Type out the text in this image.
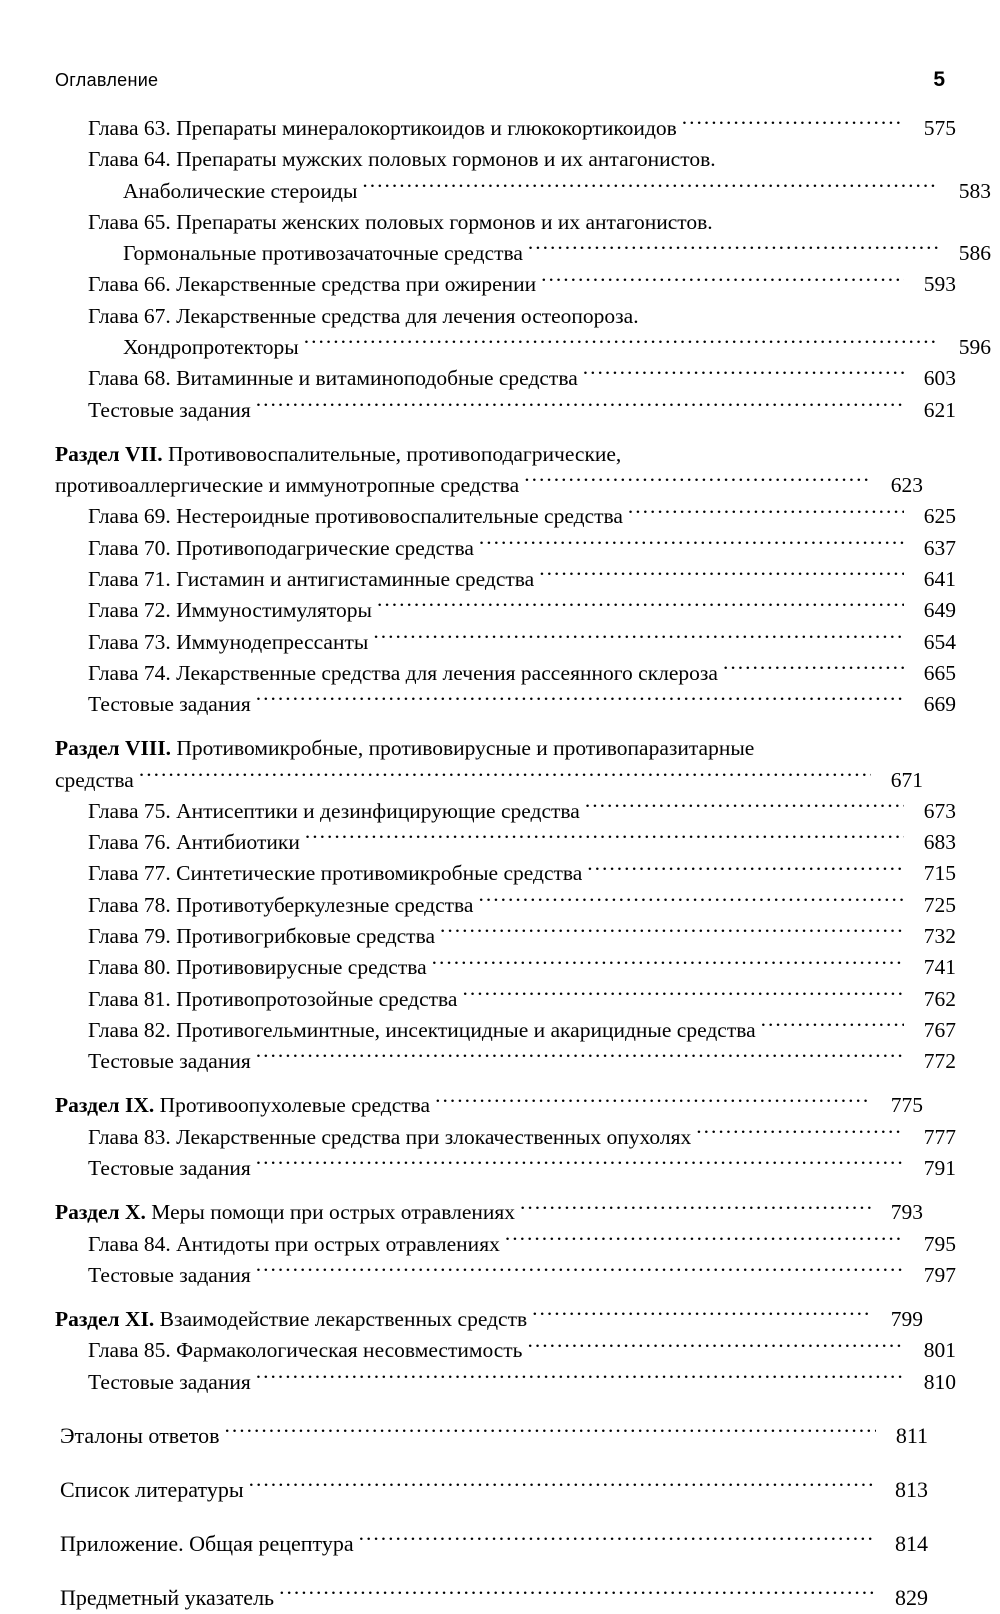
Оглавление	5
Глава 63. Препараты минералокортикоидов и глюкокортикоидов .....	575
Глава 64. Препараты мужских половых гормонов и их антагонистов.
Анаболические стероиды .....	583
Глава 65. Препараты женских половых гормонов и их антагонистов.
Гормональные противозачаточные средства .....	586
Глава 66. Лекарственные средства при ожирении .....	593
Глава 67. Лекарственные средства для лечения остеопороза.
Хондропротекторы .....	596
Глава 68. Витаминные и витаминоподобные средства .....	603
Тестовые задания .....	621
Раздел VII. Противовоспалительные, противоподагрические,
противоаллергические и иммунотропные средства .....	623
Глава 69. Нестероидные противовоспалительные средства .....	625
Глава 70. Противоподагрические средства .....	637
Глава 71. Гистамин и антигистаминные средства .....	641
Глава 72. Иммуностимуляторы .....	649
Глава 73. Иммунодепрессанты .....	654
Глава 74. Лекарственные средства для лечения рассеянного склероза .....	665
Тестовые задания .....	669
Раздел VIII. Противомикробные, противовирусные и противопаразитарные
средства .....	671
Глава 75. Антисептики и дезинфицирующие средства .....	673
Глава 76. Антибиотики .....	683
Глава 77. Синтетические противомикробные средства .....	715
Глава 78. Противотуберкулезные средства .....	725
Глава 79. Противогрибковые средства .....	732
Глава 80. Противовирусные средства .....	741
Глава 81. Противопротозойные средства .....	762
Глава 82. Противогельминтные, инсектицидные и акарицидные средства .....	767
Тестовые задания .....	772
Раздел IX. Противоопухолевые средства .....	775
Глава 83. Лекарственные средства при злокачественных опухолях .....	777
Тестовые задания .....	791
Раздел X. Меры помощи при острых отравлениях .....	793
Глава 84. Антидоты при острых отравлениях .....	795
Тестовые задания .....	797
Раздел XI. Взаимодействие лекарственных средств .....	799
Глава 85. Фармакологическая несовместимость .....	801
Тестовые задания .....	810
Эталоны ответов .....	811
Список литературы .....	813
Приложение. Общая рецептура .....	814
Предметный указатель .....	829
